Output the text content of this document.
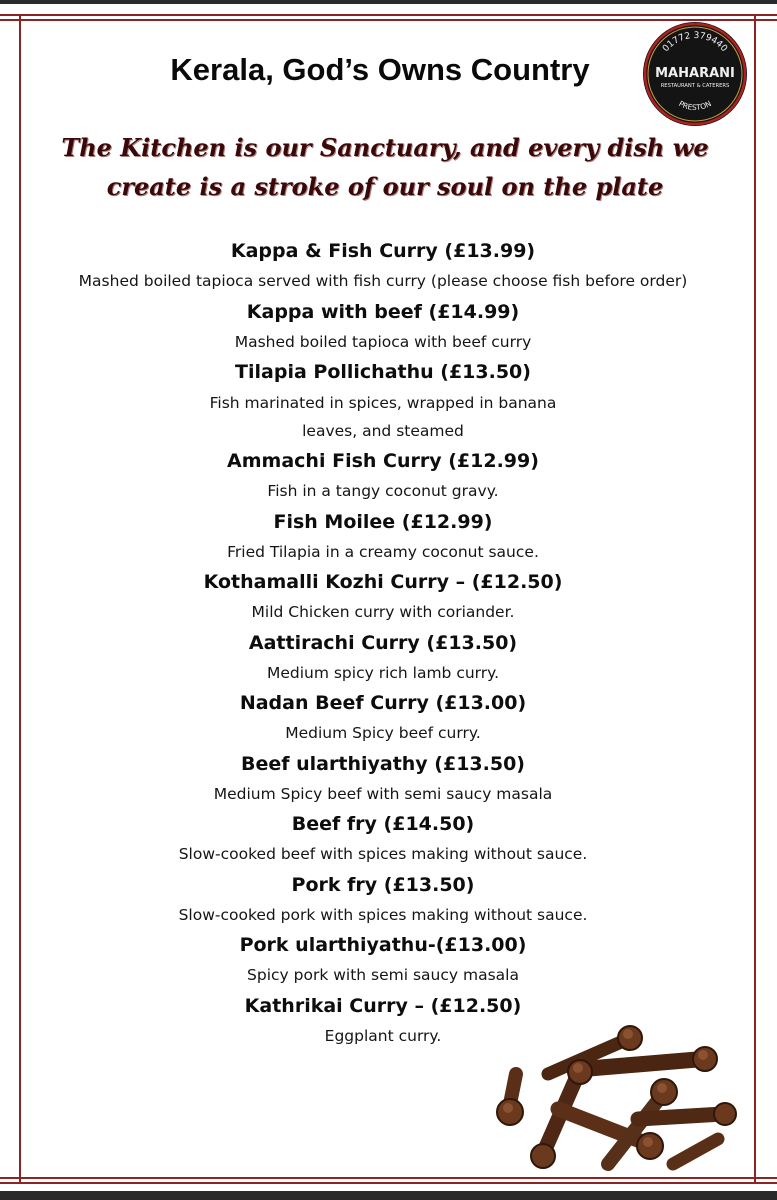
Kerala, God’s Owns Country
01772 379440
MAHARANI
RESTAURANT & CATERERS
PRESTON
The Kitchen is our Sanctuary, and every dish we
create is a stroke of our soul on the plate
Kappa & Fish Curry (£13.99)
Mashed boiled tapioca served with fish curry (please choose fish before order)
Kappa with beef (£14.99)
Mashed boiled tapioca with beef curry
Tilapia Pollichathu (£13.50)
Fish marinated in spices, wrapped in banana
leaves, and steamed
Ammachi Fish Curry (£12.99)
Fish in a tangy coconut gravy.
Fish Moilee (£12.99)
Fried Tilapia in a creamy coconut sauce.
Kothamalli Kozhi Curry – (£12.50)
Mild Chicken curry with coriander.
Aattirachi Curry (£13.50)
Medium spicy rich lamb curry.
Nadan Beef Curry (£13.00)
Medium Spicy beef curry.
Beef ularthiyathy (£13.50)
Medium Spicy beef with semi saucy masala
Beef fry (£14.50)
Slow-cooked beef with spices making without sauce.
Pork fry (£13.50)
Slow-cooked pork with spices making without sauce.
Pork ularthiyathu-(£13.00)
Spicy pork with semi saucy masala
Kathrikai Curry – (£12.50)
Eggplant curry.
